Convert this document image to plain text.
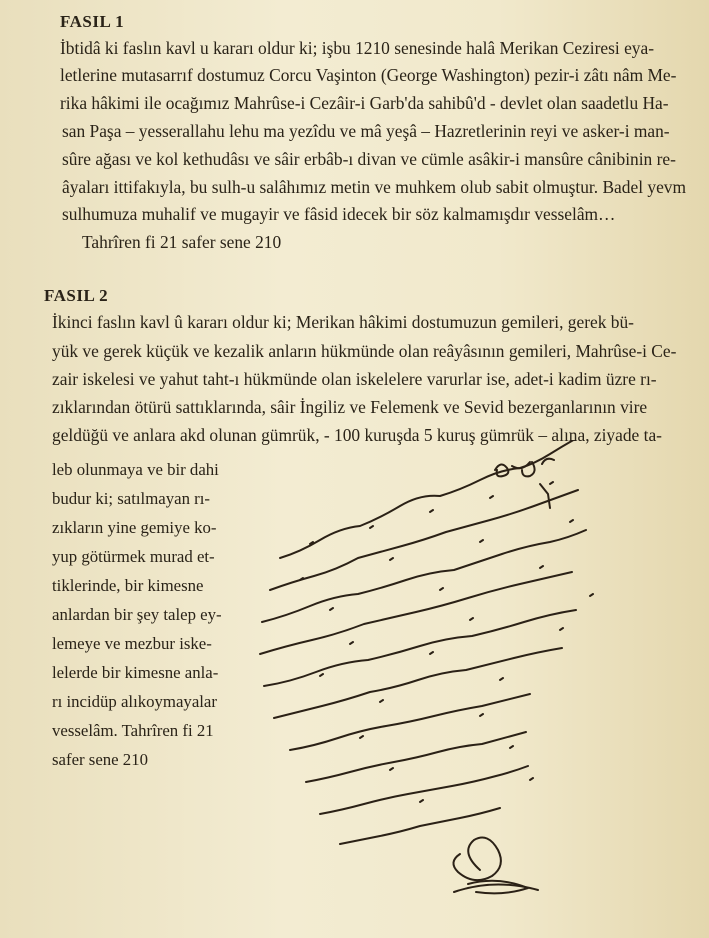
FASIL 1
İbtidâ ki faslın kavl u kararı oldur ki; işbu 1210 senesinde halâ Merikan Ceziresi eya-
letlerine mutasarrıf dostumuz Corcu Vaşinton (George Washington) pezir-i zâtı nâm Me-
rika hâkimi ile ocağımız Mahrûse-i Cezâir-i Garb'da sahibû'd - devlet olan saadetlu Ha-
san Paşa – yesserallahu lehu ma yezîdu ve mâ yeşâ – Hazretlerinin reyi ve asker-i man-
sûre ağası ve kol kethudâsı ve sâir erbâb-ı divan ve cümle asâkir-i mansûre cânibinin re-
âyaları ittifakıyla, bu sulh-u salâhımız metin ve muhkem olub sabit olmuştur. Badel yevm
sulhumuza muhalif ve mugayir ve fâsid idecek bir söz kalmamışdır vesselâm…
Tahrîren fi 21 safer sene 210
FASIL 2
İkinci faslın kavl û kararı oldur ki; Merikan hâkimi dostumuzun gemileri, gerek bü-
yük ve gerek küçük ve kezalik anların hükmünde olan reâyâsının gemileri, Mahrûse-i Ce-
zair iskelesi ve yahut taht-ı hükmünde olan iskelelere varurlar ise, adet-i kadim üzre rı-
zıklarından ötürü sattıklarında, sâir İngiliz ve Felemenk ve Sevid bezerganlarının vire
geldüğü ve anlara akd olunan gümrük, - 100 kuruşda 5 kuruş gümrük – alına, ziyade ta-
leb olunmaya ve bir dahi
budur ki; satılmayan rı-
zıkların yine gemiye ko-
yup götürmek murad et-
tiklerinde, bir kimesne
anlardan bir şey talep ey-
lemeye ve mezbur iske-
lelerde bir kimesne anla-
rı incidüp alıkoymayalar
vesselâm. Tahrîren fi 21
safer sene 210
